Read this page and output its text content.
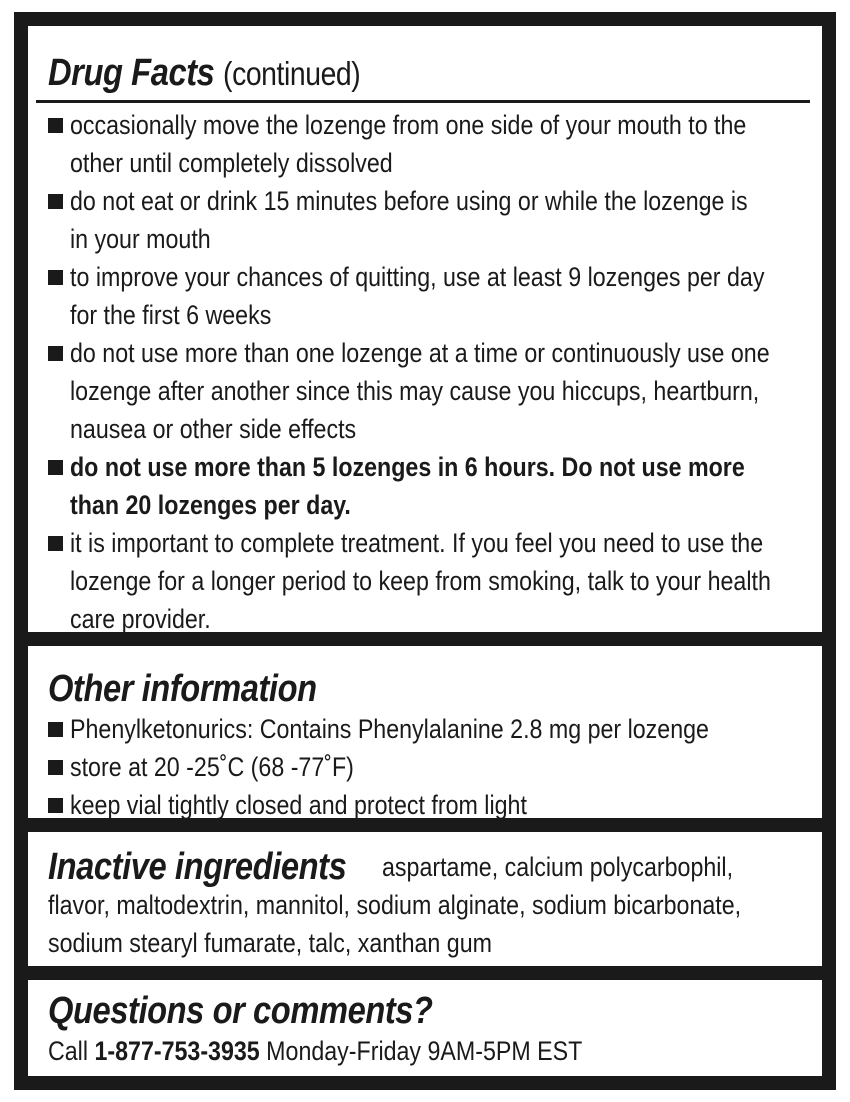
Drug Facts (continued)
occasionally move the lozenge from one side of your mouth to the
other until completely dissolved
do not eat or drink 15 minutes before using or while the lozenge is
in your mouth
to improve your chances of quitting, use at least 9 lozenges per day
for the first 6 weeks
do not use more than one lozenge at a time or continuously use one
lozenge after another since this may cause you hiccups, heartburn,
nausea or other side effects
do not use more than 5 lozenges in 6 hours. Do not use more
than 20 lozenges per day.
it is important to complete treatment. If you feel you need to use the
lozenge for a longer period to keep from smoking, talk to your health
care provider.
Other information
Phenylketonurics: Contains Phenylalanine 2.8 mg per lozenge
store at 20 -25˚C (68 -77˚F)
keep vial tightly closed and protect from light
Inactive ingredients	aspartame, calcium polycarbophil,
flavor, maltodextrin, mannitol, sodium alginate, sodium bicarbonate,
sodium stearyl fumarate, talc, xanthan gum
Questions or comments?
Call 1-877-753-3935 Monday-Friday 9AM-5PM EST
